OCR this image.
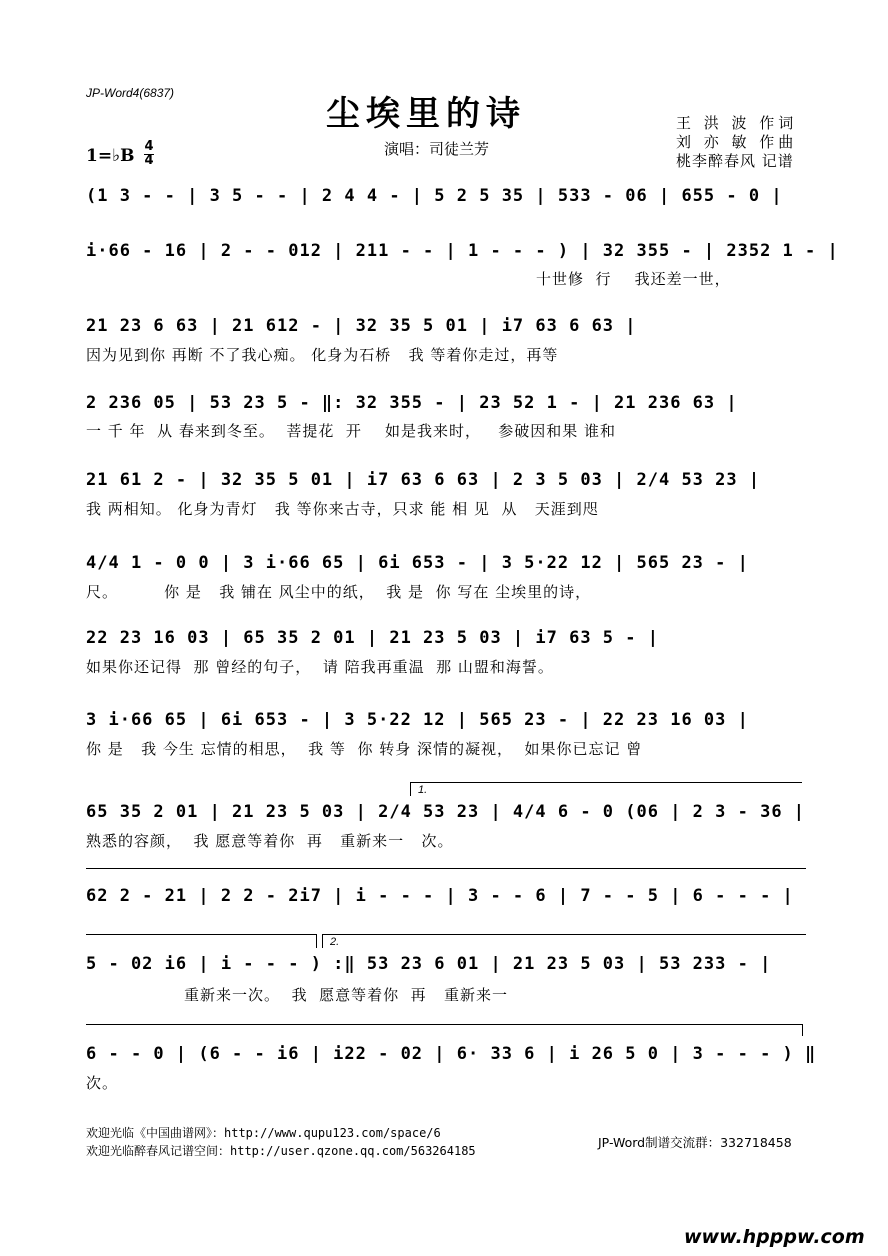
JP-Word4(6837)
尘埃里的诗	王 洪 波 作词
刘 亦 敏 作曲
桃李醉春风 记谱
演唱：司徒兰芳
1=♭B 4
4
(1 3 - - | 3 5 - - | 2 4 4 - | 5 2 5 35 | 533 - 06 | 655 - 0 |
i·66 - 16 | 2 - - 012 | 211 - - | 1 - - - ) | 32 355 - | 2352 1 - |
十世修  行    我还差一世，
21 23 6 63 | 21 612 - | 32 35 5 01 | i7 63 6 63 |
因为见到你 再断 不了我心痴。 化身为石桥   我 等着你走过，再等
2 236 05 | 53 23 5 - ‖: 32 355 - | 23 52 1 - | 21 236 63 |
一 千 年  从 春来到冬至。  菩提花  开    如是我来时，   参破因和果 谁和
21 61 2 - | 32 35 5 01 | i7 63 6 63 | 2 3 5 03 | 2/4 53 23 |
我 两相知。 化身为青灯   我 等你来古寺，只求 能 相 见  从   天涯到咫
4/4 1 - 0 0 | 3 i·66 65 | 6i 653 - | 3 5·22 12 | 565 23 - |
尺。        你 是   我 铺在 风尘中的纸，  我 是  你 写在 尘埃里的诗，
22 23 16 03 | 65 35 2 01 | 21 23 5 03 | i7 63 5 - |
如果你还记得  那 曾经的句子，  请 陪我再重温  那 山盟和海誓。
3 i·66 65 | 6i 653 - | 3 5·22 12 | 565 23 - | 22 23 16 03 |
你 是   我 今生 忘情的相思，  我 等  你 转身 深情的凝视，  如果你已忘记 曾
1.
65 35 2 01 | 21 23 5 03 | 2/4 53 23 | 4/4 6 - 0 (06 | 2 3 - 36 |
熟悉的容颜，  我 愿意等着你  再   重新来一   次。
62 2 - 21 | 2 2 - 2i7 | i - - - | 3 - - 6 | 7 - - 5 | 6 - - - |
2.
5 - 02 i6 | i - - - ) :‖ 53 23 6 01 | 21 23 5 03 | 53 233 - |
重新来一次。  我  愿意等着你  再   重新来一
6 - - 0 | (6 - - i6 | i22 - 02 | 6· 33 6 | i 26 5 0 | 3 - - - ) ‖
次。
欢迎光临《中国曲谱网》：http://www.qupu123.com/space/6
欢迎光临醉春风记谱空间：http://user.qzone.qq.com/563264185
JP-Word制谱交流群：332718458
www.hpppw.com
